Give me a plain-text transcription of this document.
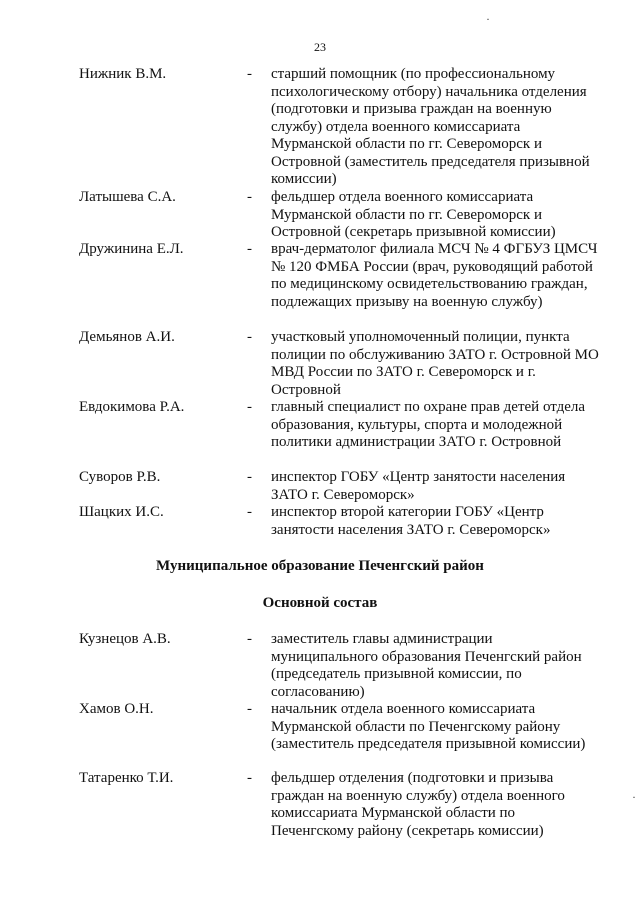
23
·
·
Нижник В.М.	-	старший помощник (по профессиональному психологическому отбору) начальника отделения (подготовки и призыва граждан на военную службу) отдела военного комиссариата Мурманской области по гг. Североморск и Островной (заместитель председателя призывной комиссии)
Латышева С.А.	-	фельдшер отдела военного комиссариата Мурманской области по гг. Североморск и Островной (секретарь призывной комиссии)
Дружинина Е.Л.	-	врач-дерматолог филиала МСЧ № 4 ФГБУЗ ЦМСЧ № 120 ФМБА России (врач, руководящий работой по медицинскому освидетельствованию граждан, подлежащих призыву на военную службу)
Демьянов А.И.	-	участковый уполномоченный полиции, пункта полиции по обслуживанию ЗАТО г. Островной МО МВД России по ЗАТО г. Североморск и г. Островной
Евдокимова Р.А.	-	главный специалист по охране прав детей отдела образования, культуры, спорта и молодежной политики администрации ЗАТО г. Островной
Суворов Р.В.	-	инспектор ГОБУ «Центр занятости населения ЗАТО г. Североморск»
Шацких И.С.	-	инспектор второй категории ГОБУ «Центр занятости населения ЗАТО г. Североморск»
Муниципальное образование Печенгский район
Основной состав
Кузнецов А.В.	-	заместитель главы администрации муниципального образования Печенгский район (председатель призывной комиссии, по согласованию)
Хамов О.Н.	-	начальник отдела военного комиссариата Мурманской области по Печенгскому району (заместитель председателя призывной комиссии)
Татаренко Т.И.	-	фельдшер отделения (подготовки и призыва граждан на военную службу) отдела военного комиссариата Мурманской области по Печенгскому району (секретарь комиссии)
